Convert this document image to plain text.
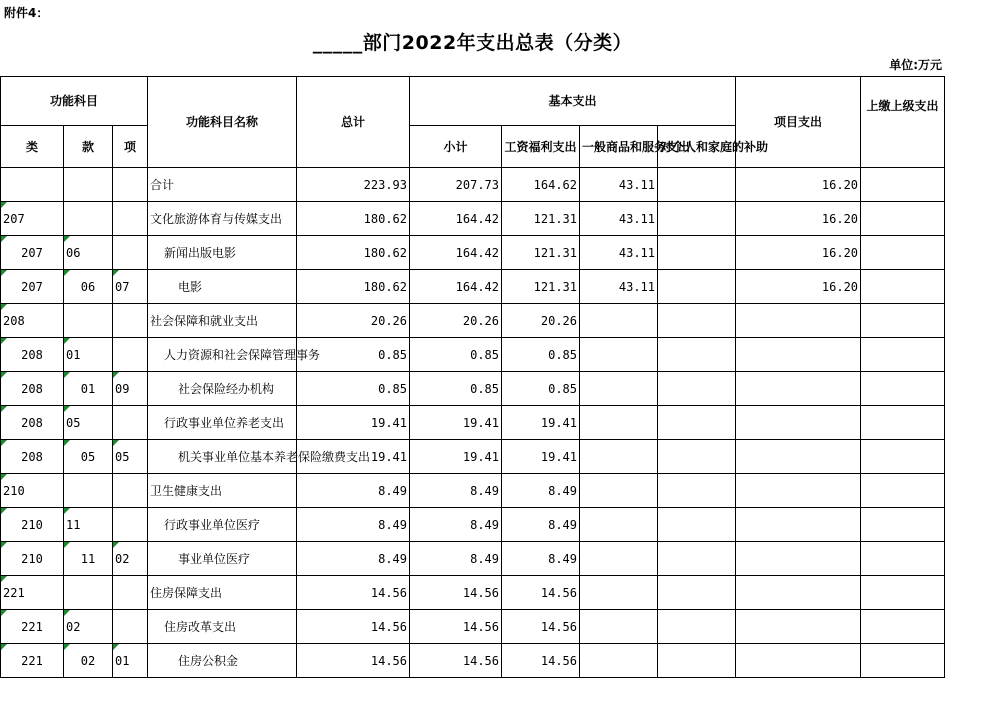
附件4：
_____部门2022年支出总表（分类）
单位:万元
功能科目			功能科目名称	总计	基本支出				项目支出	上缴上级支出
类	款	项			小计	工资福利支出	一般商品和服务支出	对个人和家庭的补助		
			合计	223.93	207.73	164.62	43.11		16.20	
207			文化旅游体育与传媒支出	180.62	164.42	121.31	43.11		16.20	
207	06		新闻出版电影	180.62	164.42	121.31	43.11		16.20	
207	06	07	电影	180.62	164.42	121.31	43.11		16.20	
208			社会保障和就业支出	20.26	20.26	20.26				
208	01		人力资源和社会保障管理事务	0.85	0.85	0.85				
208	01	09	社会保险经办机构	0.85	0.85	0.85				
208	05		行政事业单位养老支出	19.41	19.41	19.41				
208	05	05	机关事业单位基本养老保险缴费支出	19.41	19.41	19.41				
210			卫生健康支出	8.49	8.49	8.49				
210	11		行政事业单位医疗	8.49	8.49	8.49				
210	11	02	事业单位医疗	8.49	8.49	8.49				
221			住房保障支出	14.56	14.56	14.56				
221	02		住房改革支出	14.56	14.56	14.56				
221	02	01	住房公积金	14.56	14.56	14.56				
